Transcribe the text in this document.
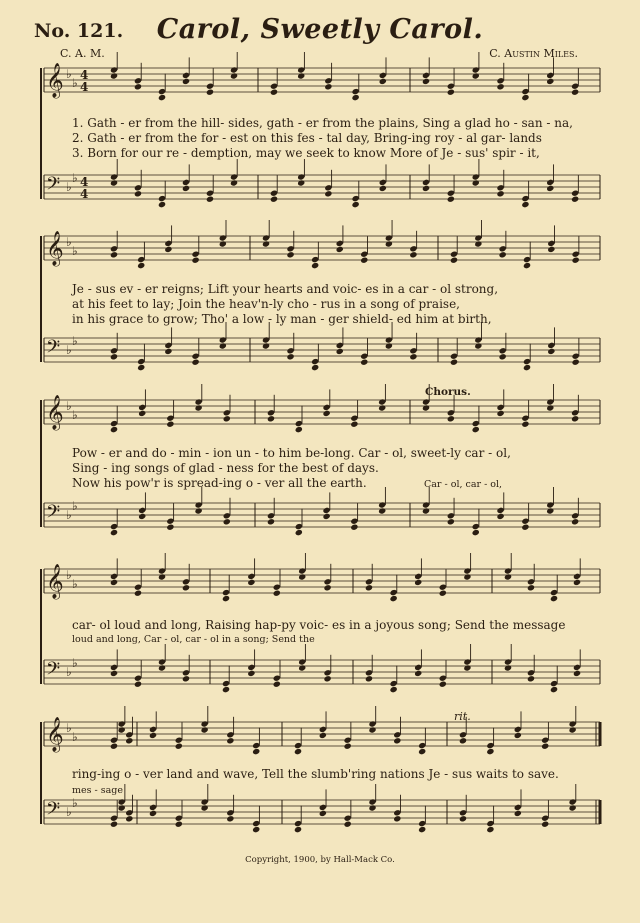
𝄞 ♭
♭
4
4
𝄢 ♭
♭ 4
4
𝄞 ♭
♭
𝄢 ♭
♭
𝄞 ♭
♭
𝄢 ♭
♭
𝄞 ♭
♭
𝄢 ♭
♭
𝄞 ♭
♭
𝄢 ♭
♭
No. 121.	Carol, Sweetly Carol.
C. A. M.	C. Austin Miles.
1. Gath - er from the hill- sides, gath - er from the plains, Sing a glad ho - san - na,
2. Gath - er from the for - est on this fes - tal day, Bring-ing roy - al gar- lands
3. Born for our re - demption, may we seek to know More of Je - sus' spir - it,
Je - sus ev - er reigns; Lift your hearts and voic- es in a car - ol strong,
at his feet to lay; Join the heav'n-ly cho - rus in a song of praise,
in his grace to grow; Tho' a low - ly man - ger shield- ed him at birth,
Chorus.
Pow - er and do - min - ion un - to him be-long. Car - ol, sweet-ly car - ol,
Sing - ing songs of glad - ness for the best of days.
Now his pow'r is spread-ing o - ver all the earth.	Car - ol, car - ol,
car- ol loud and long, Raising hap-py voic- es in a joyous song; Send the message
loud and long, Car - ol, car - ol in a song; Send the
rit.
ring-ing o - ver land and wave, Tell the slumb'ring nations Je - sus waits to save.
mes - sage
Copyright, 1900, by Hall-Mack Co.
